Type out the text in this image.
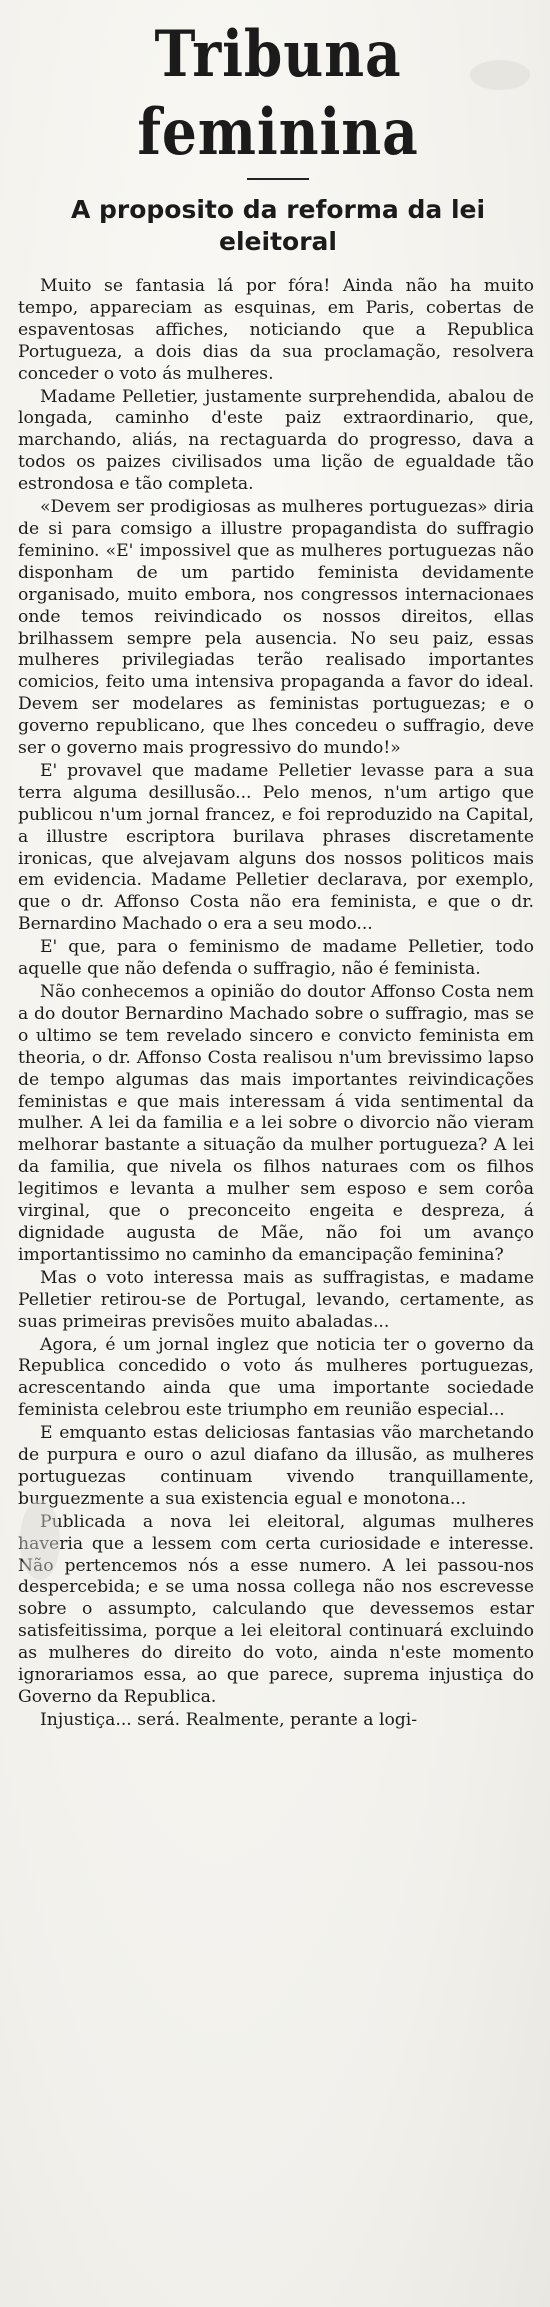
Tribuna feminina
A proposito da reforma da lei eleitoral

Muito se fantasia lá por fóra! Ainda não ha muito tempo, appareciam as esquinas, em Paris, cobertas de espaventosas affiches, noticiando que a Republica Portugueza, a dois dias da sua proclamação, resolvera conceder o voto ás mulheres.

Madame Pelletier, justamente surprehendida, abalou de longada, caminho d'este paiz extraordinario, que, marchando, aliás, na rectaguarda do progresso, dava a todos os paizes civilisados uma lição de egualdade tão estrondosa e tão completa.

«Devem ser prodigiosas as mulheres portuguezas» diria de si para comsigo a illustre propagandista do suffragio feminino. «E' impossivel que as mulheres portuguezas não disponham de um partido feminista devidamente organisado, muito embora, nos congressos internacionaes onde temos reivindicado os nossos direitos, ellas brilhassem sempre pela ausencia. No seu paiz, essas mulheres privilegiadas terão realisado importantes comicios, feito uma intensiva propaganda a favor do ideal. Devem ser modelares as feministas portuguezas; e o governo republicano, que lhes concedeu o suffragio, deve ser o governo mais progressivo do mundo!»

E' provavel que madame Pelletier levasse para a sua terra alguma desillusão... Pelo menos, n'um artigo que publicou n'um jornal francez, e foi reproduzido na Capital, a illustre escriptora burilava phrases discretamente ironicas, que alvejavam alguns dos nossos politicos mais em evidencia. Madame Pelletier declarava, por exemplo, que o dr. Affonso Costa não era feminista, e que o dr. Bernardino Machado o era a seu modo...

E' que, para o feminismo de madame Pelletier, todo aquelle que não defenda o suffragio, não é feminista.

Não conhecemos a opinião do doutor Affonso Costa nem a do doutor Bernardino Machado sobre o suffragio, mas se o ultimo se tem revelado sincero e convicto feminista em theoria, o dr. Affonso Costa realisou n'um brevissimo lapso de tempo algumas das mais importantes reivindicações feministas e que mais interessam á vida sentimental da mulher. A lei da familia e a lei sobre o divorcio não vieram melhorar bastante a situação da mulher portugueza? A lei da familia, que nivela os filhos naturaes com os filhos legitimos e levanta a mulher sem esposo e sem corôa virginal, que o preconceito engeita e despreza, á dignidade augusta de Mãe, não foi um avanço importantissimo no caminho da emancipação feminina?

Mas o voto interessa mais as suffragistas, e madame Pelletier retirou-se de Portugal, levando, certamente, as suas primeiras previsões muito abaladas...

Agora, é um jornal inglez que noticia ter o governo da Republica concedido o voto ás mulheres portuguezas, acrescentando ainda que uma importante sociedade feminista celebrou este triumpho em reunião especial...

E emquanto estas deliciosas fantasias vão marchetando de purpura e ouro o azul diafano da illusão, as mulheres portuguezas continuam vivendo tranquillamente, burguezmente a sua existencia egual e monotona...

Publicada a nova lei eleitoral, algumas mulheres haveria que a lessem com certa curiosidade e interesse. Não pertencemos nós a esse numero. A lei passou-nos despercebida; e se uma nossa collega não nos escrevesse sobre o assumpto, calculando que devessemos estar satisfeitissima, porque a lei eleitoral continuará excluindo as mulheres do direito do voto, ainda n'este momento ignorariamos essa, ao que parece, suprema injustiça do Governo da Republica.

Injustiça... será. Realmente, perante a logi-
